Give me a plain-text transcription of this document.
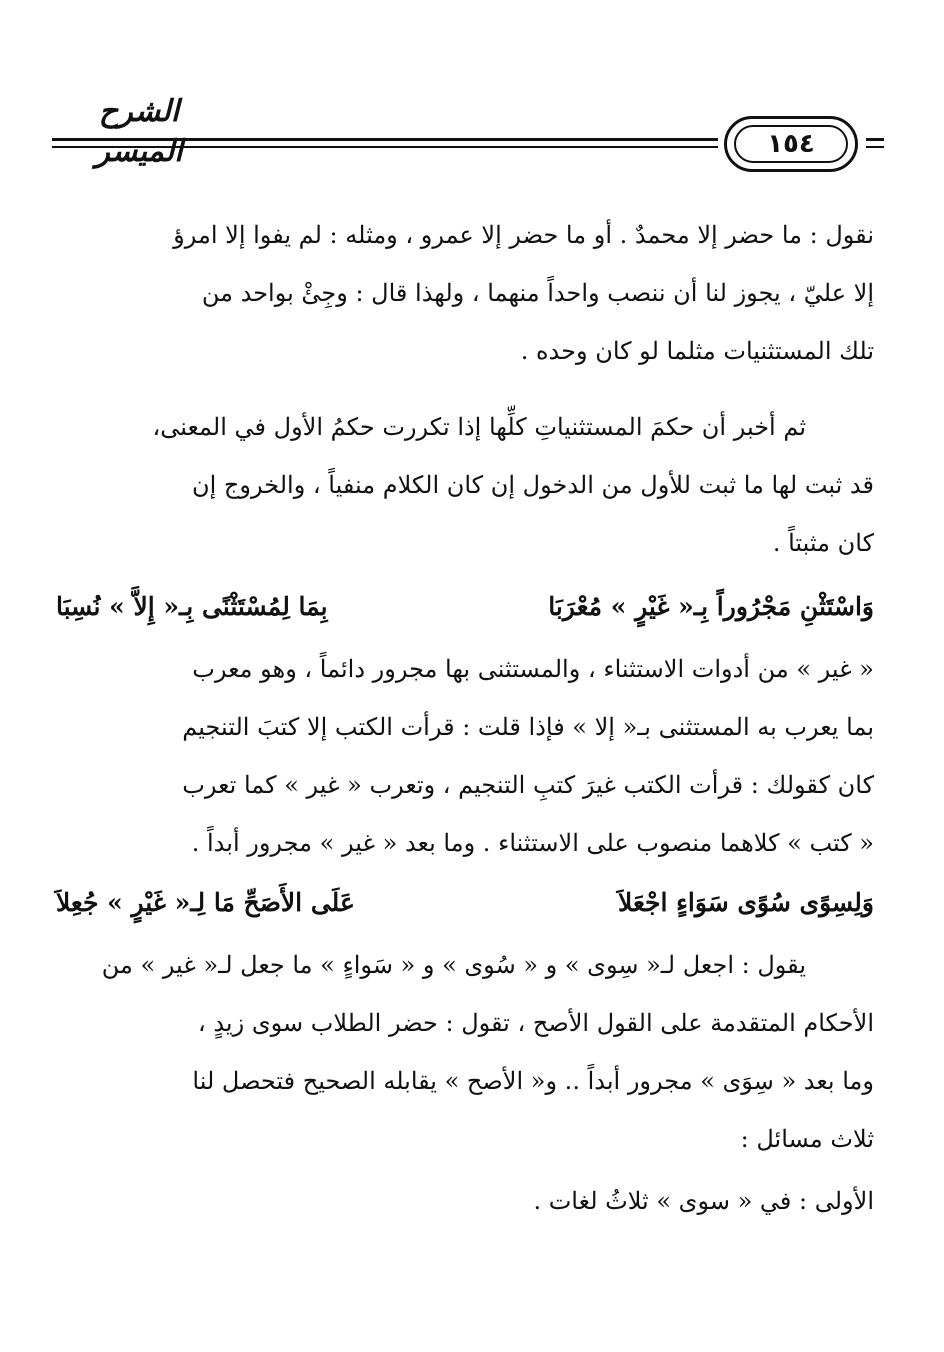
الشرح الميسر	١٥٤

نقول : ما حضر إلا محمدٌ . أو ما حضر إلا عمرو ، ومثله : لم يفوا إلا امرؤ
إلا عليّ ، يجوز لنا أن ننصب واحداً منهما ، ولهذا قال : وجِئْ بواحد من
تلك المستثنيات مثلما لو كان وحده .

ثم أخبر أن حكمَ المستثنياتِ كلِّها إذا تكررت حكمُ الأول في المعنى،
قد ثبت لها ما ثبت للأول من الدخول إن كان الكلام منفياً ، والخروج إن
كان مثبتاً .

وَاسْتَثْنِ مَجْرُوراً بِـ« غَيْرٍ » مُعْرَبَا
بِمَا لِمُسْتَثْنًى بِـ« إِلاَّ » نُسِبَا

« غير » من أدوات الاستثناء ، والمستثنى بها مجرور دائماً ، وهو معرب
بما يعرب به المستثنى بـ« إلا » فإذا قلت : قرأت الكتب إلا كتبَ التنجيم
كان كقولك : قرأت الكتب غيرَ كتبِ التنجيم ، وتعرب « غير » كما تعرب
« كتب » كلاهما منصوب على الاستثناء . وما بعد « غير » مجرور أبداً .

وَلِسِوًى سُوًى سَوَاءٍ اجْعَلاَ
عَلَى الأَصَحِّ مَا لِـ« غَيْرٍ » جُعِلاَ

يقول : اجعل لـ« سِوى » و « سُوى » و « سَواءٍ » ما جعل لـ« غير » من
الأحكام المتقدمة على القول الأصح ، تقول : حضر الطلاب سوى زيدٍ ،
وما بعد « سِوَى » مجرور أبداً .. و« الأصح » يقابله الصحيح فتحصل لنا
ثلاث مسائل :

الأولى : في « سوى » ثلاثُ لغات .
